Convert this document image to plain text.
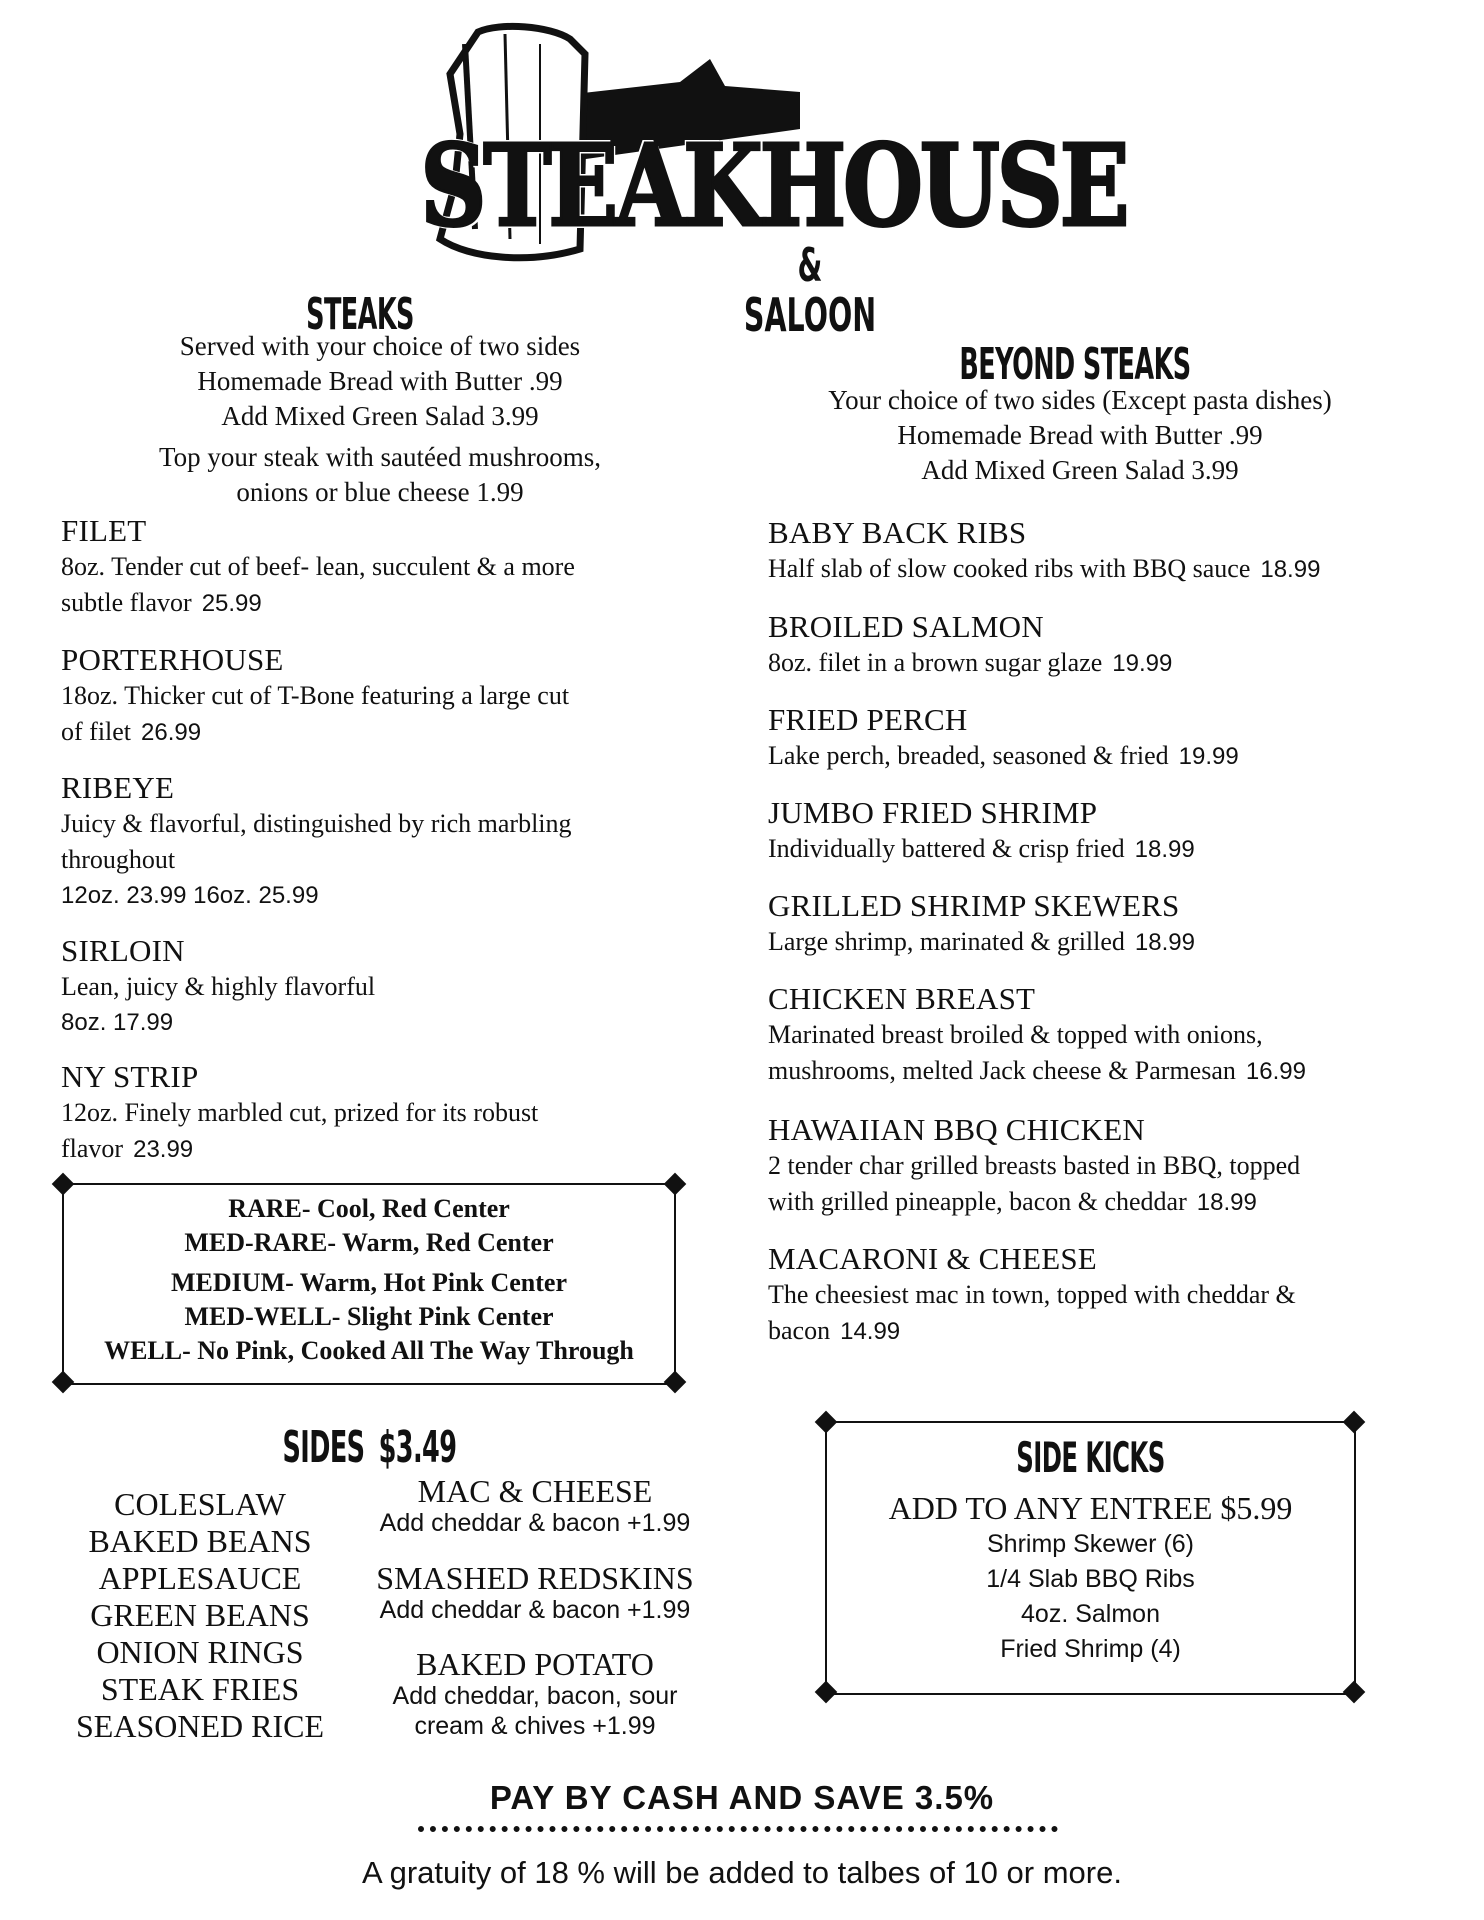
STEAKHOUSE
& SALOON
STEAKS
Served with your choice of two sides
Homemade Bread with Butter .99
Add Mixed Green Salad 3.99
Top your steak with sautéed mushrooms,
onions or blue cheese 1.99
FILET
8oz. Tender cut of beef- lean, succulent & a more
subtle flavor 25.99
PORTERHOUSE
18oz. Thicker cut of T-Bone featuring a large cut
of filet 26.99
RIBEYE
Juicy & flavorful, distinguished by rich marbling
throughout
12oz. 23.99 16oz. 25.99
SIRLOIN
Lean, juicy & highly flavorful
8oz. 17.99
NY STRIP
12oz. Finely marbled cut, prized for its robust
flavor 23.99
RARE- Cool, Red Center
MED-RARE- Warm, Red Center
MEDIUM- Warm, Hot Pink Center
MED-WELL- Slight Pink Center
WELL- No Pink, Cooked All The Way Through
BEYOND STEAKS
Your choice of two sides (Except pasta dishes)
Homemade Bread with Butter .99
Add Mixed Green Salad 3.99
BABY BACK RIBS
Half slab of slow cooked ribs with BBQ sauce 18.99
BROILED SALMON
8oz. filet in a brown sugar glaze 19.99
FRIED PERCH
Lake perch, breaded, seasoned & fried 19.99
JUMBO FRIED SHRIMP
Individually battered & crisp fried 18.99
GRILLED SHRIMP SKEWERS
Large shrimp, marinated & grilled 18.99
CHICKEN BREAST
Marinated breast broiled & topped with onions,
mushrooms, melted Jack cheese & Parmesan 16.99
HAWAIIAN BBQ CHICKEN
2 tender char grilled breasts basted in BBQ, topped
with grilled pineapple, bacon & cheddar 18.99
MACARONI & CHEESE
The cheesiest mac in town, topped with cheddar &
bacon 14.99
SIDES $3.49
COLESLAW
BAKED BEANS
APPLESAUCE
GREEN BEANS
ONION RINGS
STEAK FRIES
SEASONED RICE
MAC & CHEESE
Add cheddar & bacon +1.99
SMASHED REDSKINS
Add cheddar & bacon +1.99
BAKED POTATO
Add cheddar, bacon, sour
cream & chives +1.99
SIDE KICKS
ADD TO ANY ENTREE $5.99
Shrimp Skewer (6)
1/4 Slab BBQ Ribs
4oz. Salmon
Fried Shrimp (4)
PAY BY CASH AND SAVE 3.5%
A gratuity of 18 % will be added to talbes of 10 or more.
